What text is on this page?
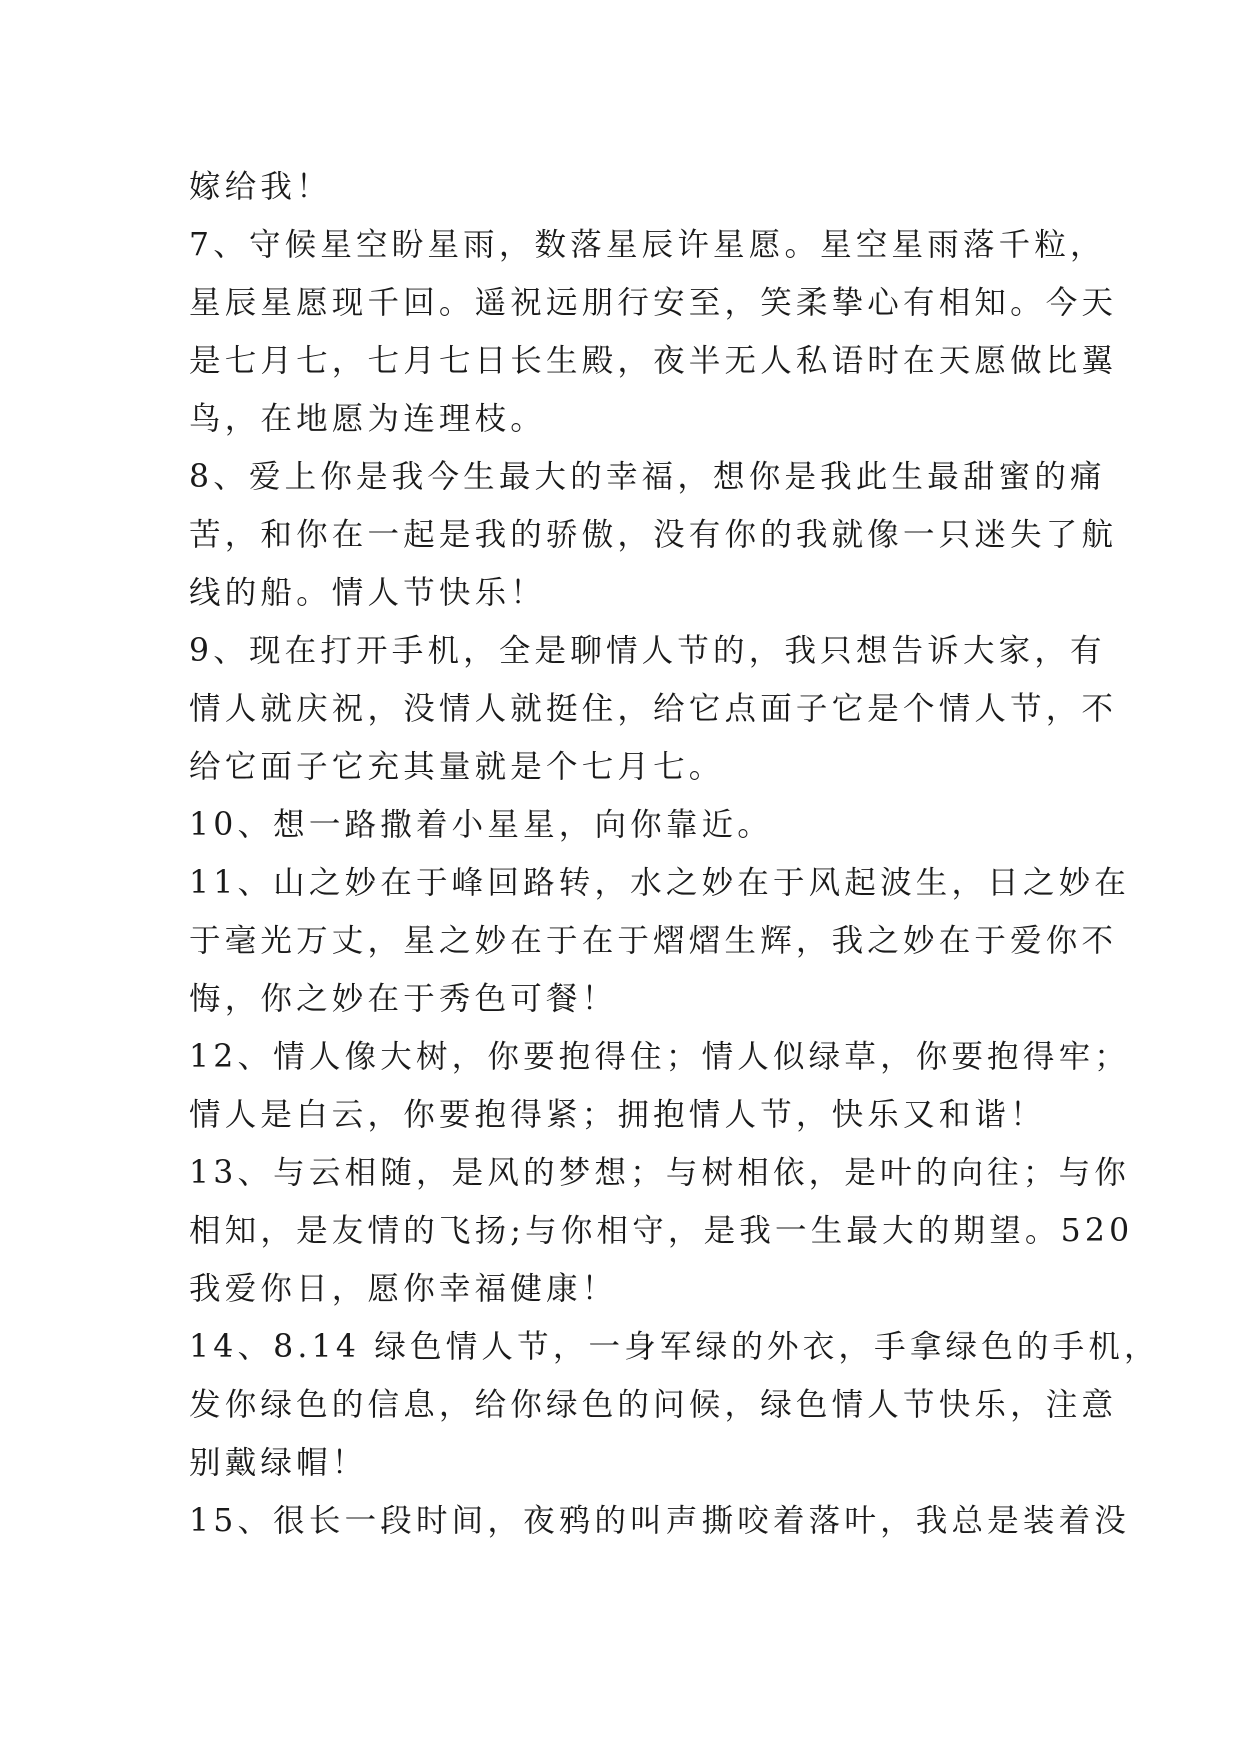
嫁给我！
7、守候星空盼星雨，数落星辰许星愿。星空星雨落千粒，
星辰星愿现千回。遥祝远朋行安至，笑柔挚心有相知。今天
是七月七，七月七日长生殿，夜半无人私语时在天愿做比翼
鸟，在地愿为连理枝。
8、爱上你是我今生最大的幸福，想你是我此生最甜蜜的痛
苦，和你在一起是我的骄傲，没有你的我就像一只迷失了航
线的船。情人节快乐！
9、现在打开手机，全是聊情人节的，我只想告诉大家，有
情人就庆祝，没情人就挺住，给它点面子它是个情人节，不
给它面子它充其量就是个七月七。
10、想一路撒着小星星，向你靠近。
11、山之妙在于峰回路转，水之妙在于风起波生，日之妙在
于毫光万丈，星之妙在于在于熠熠生辉，我之妙在于爱你不
悔，你之妙在于秀色可餐！
12、情人像大树，你要抱得住；情人似绿草，你要抱得牢；
情人是白云，你要抱得紧；拥抱情人节，快乐又和谐！
13、与云相随，是风的梦想；与树相依，是叶的向往；与你
相知，是友情的飞扬;与你相守，是我一生最大的期望。520
我爱你日，愿你幸福健康！
14、8.14 绿色情人节，一身军绿的外衣，手拿绿色的手机，
发你绿色的信息，给你绿色的问候，绿色情人节快乐，注意
别戴绿帽！
15、很长一段时间，夜鸦的叫声撕咬着落叶，我总是装着没
